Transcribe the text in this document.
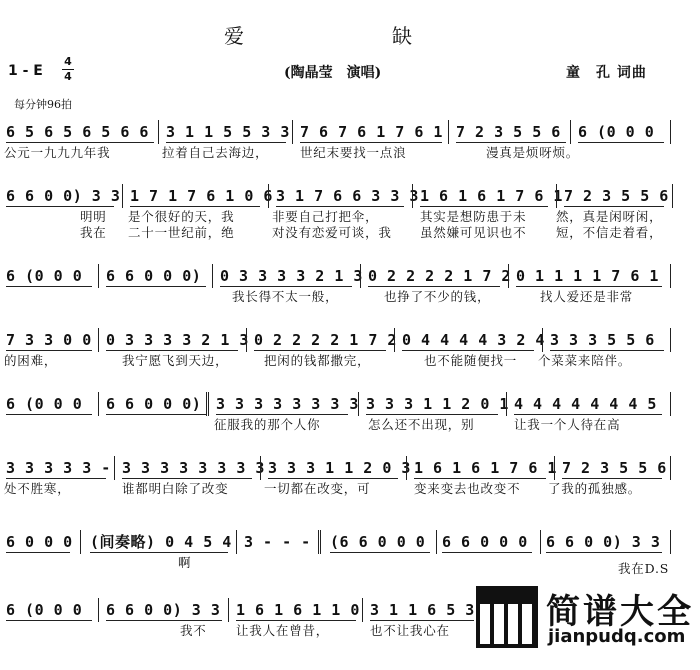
爱　缺
1 - E
4
4	(陶晶莹　演唱)	童　孔 词曲
每分钟96拍
6 5 6 5 6 5 6 6	3 1 1 5 5 3 3 7 6 7 6 1 7 6 1 7 2 3 5 5 6	6 (0 0 0
公元一九九九年我	拉着自己去海边，	世纪末要找一点浪	漫真是烦呀烦。
6 6 0 0) 3 3 1 7 1 7 6 1 0 6 3 1 7 6 6 3 3 3 1 6 1 6 1 7 6 1 7 2 3 5 5 6
明明 是个很好的天，我	非要自己打把伞，	其实是想防患于未 然，真是闲呀闲，
我在 二十一世纪前，绝	对没有恋爱可谈，我 虽然嫌可见识也不 短，不信走着看，
6 (0 0 0	6 6 0 0 0)	0 3 3 3 3 2 1 3 0 2 2 2 2 1 7 2 0 1 1 1 1 7 6 1
我长得不太一般，	也挣了不少的钱，	找人爱还是非常
7 3 3 0 0 0 3 3 3 3 2 1 3 0 2 2 2 2 1 7 2 0 4 4 4 4 3 2 4 3 3 3 5 5 6
的困难，	我宁愿飞到天边，	把闲的钱都撒完，	也不能随便找一 个菜菜来陪伴。
6 (0 0 0	6 6 0 0 0) 3 3 3 3 3 3 3 3 3 3 3 1 1 2 0 1 4 4 4 4 4 4 4 5
征服我的那个人你	怎么还不出现，别	让我一个人待在高
3 3 3 3 3 - 3 3 3 3 3 3 3 3 3 3 3 1 1 2 0 3 1 6 1 6 1 7 6 1 7 2 3 5 5 6
处不胜寒，	谁都明白除了改变	一切都在改变，可	变来变去也改变不 了我的孤独感。
6 0 0 0 (间奏略) 0 4 5 4 3 - - - (6 6 0 0 0	6 6 0 0 0 6 6 0 0) 3 3
啊	我在D.S
6 (0 0 0	6 6 0 0) 3 3 1 6 1 6 1 1 0 3 1 1 6 5 3
我不 让我人在曾昔，	也不让我心在	简谱大全
jianpudq.com
